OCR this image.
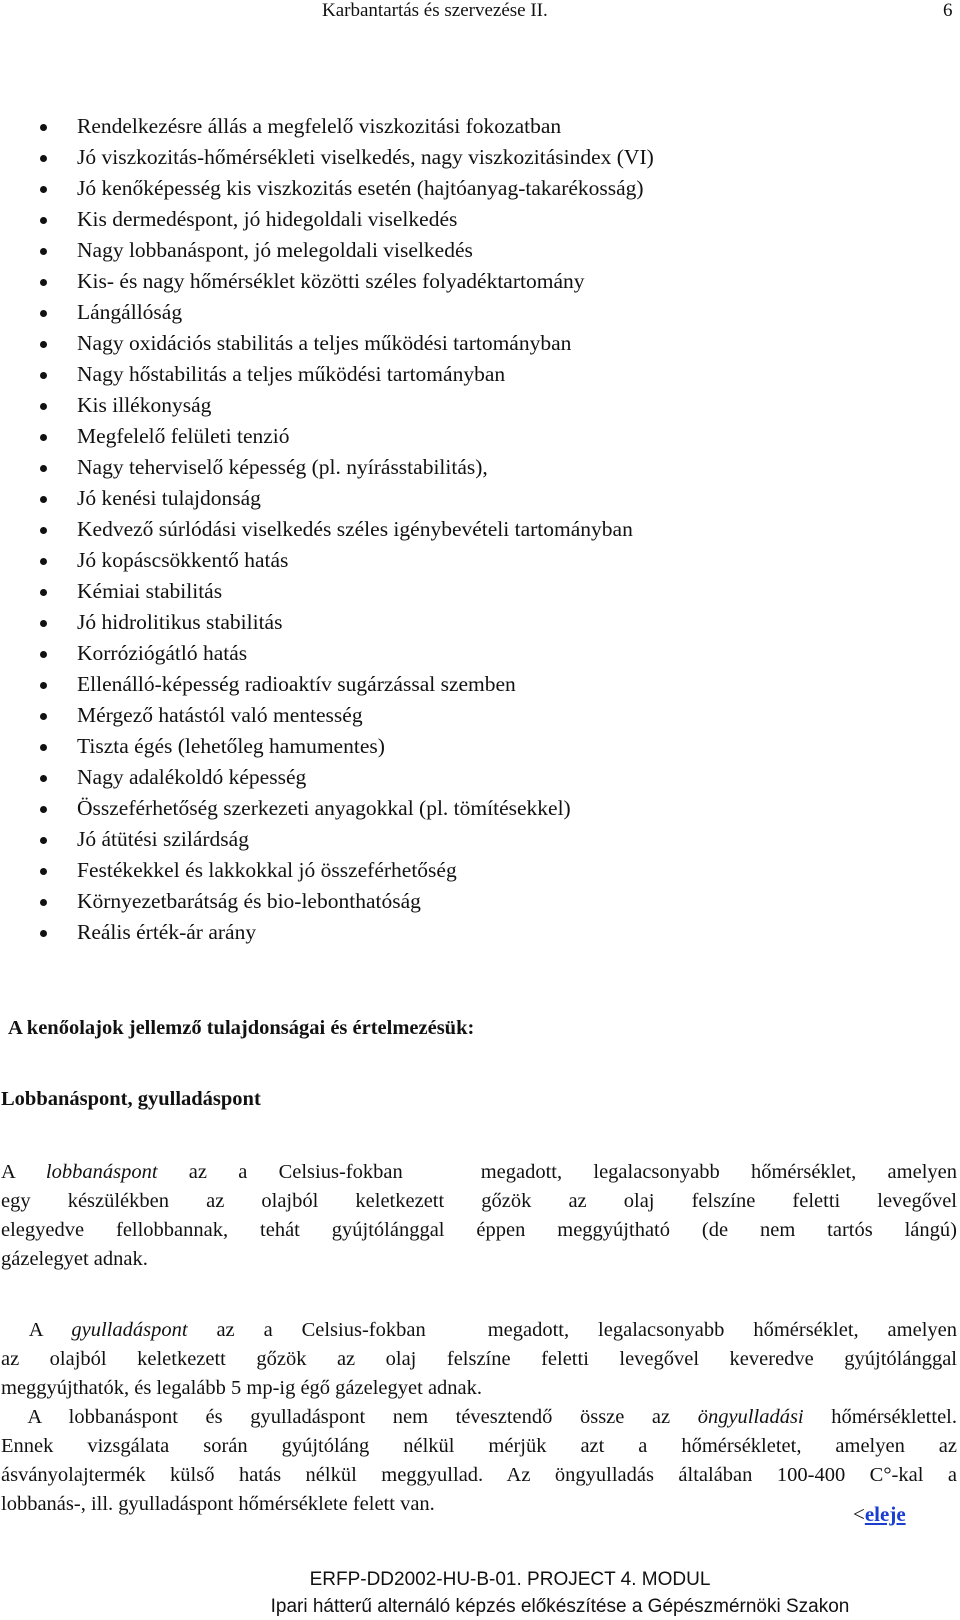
Karbantartás és szervezése II.	6
Rendelkezésre állás a megfelelő viszkozitási fokozatban
Jó viszkozitás-hőmérsékleti viselkedés, nagy viszkozitásindex (VI)
Jó kenőképesség kis viszkozitás esetén (hajtóanyag-takarékosság)
Kis dermedéspont, jó hidegoldali viselkedés
Nagy lobbanáspont, jó melegoldali viselkedés
Kis- és nagy hőmérséklet közötti széles folyadéktartomány
Lángállóság
Nagy oxidációs stabilitás a teljes működési tartományban
Nagy hőstabilitás a teljes működési tartományban
Kis illékonyság
Megfelelő felületi tenzió
Nagy teherviselő képesség (pl. nyírásstabilitás),
Jó kenési tulajdonság
Kedvező súrlódási viselkedés széles igénybevételi tartományban
Jó kopáscsökkentő hatás
Kémiai stabilitás
Jó hidrolitikus stabilitás
Korróziógátló hatás
Ellenálló-képesség radioaktív sugárzással szemben
Mérgező hatástól való mentesség
Tiszta égés (lehetőleg hamumentes)
Nagy adalékoldó képesség
Összeférhetőség szerkezeti anyagokkal (pl. tömítésekkel)
Jó átütési szilárdság
Festékekkel és lakkokkal jó összeférhetőség
Környezetbarátság és bio-lebonthatóság
Reális érték-ár arány
A kenőolajok jellemző tulajdonságai és értelmezésük:
Lobbanáspont, gyulladáspont
A lobbanáspont az a Celsius-fokban	megadott, legalacsonyabb hőmérséklet, amelyen
egy készülékben az olajból keletkezett gőzök az olaj felszíne feletti levegővel
elegyedve fellobbannak, tehát gyújtólánggal éppen meggyújtható (de nem tartós lángú)
gázelegyet adnak.
A gyulladáspont az a Celsius-fokban	megadott, legalacsonyabb hőmérséklet, amelyen
az olajból keletkezett gőzök az olaj felszíne feletti levegővel keveredve gyújtólánggal
meggyújthatók, és legalább 5 mp-ig égő gázelegyet adnak.
A lobbanáspont és gyulladáspont nem tévesztendő össze az öngyulladási hőmérséklettel.
Ennek vizsgálata során gyújtóláng nélkül mérjük azt a hőmérsékletet, amelyen az
ásványolajtermék külső hatás nélkül meggyullad. Az öngyulladás általában 100-400 C°-kal a
lobbanás-, ill. gyulladáspont hőmérséklete felett van.	<eleje
ERFP-DD2002-HU-B-01. PROJECT 4. MODUL
Ipari hátterű alternáló képzés előkészítése a Gépészmérnöki Szakon
